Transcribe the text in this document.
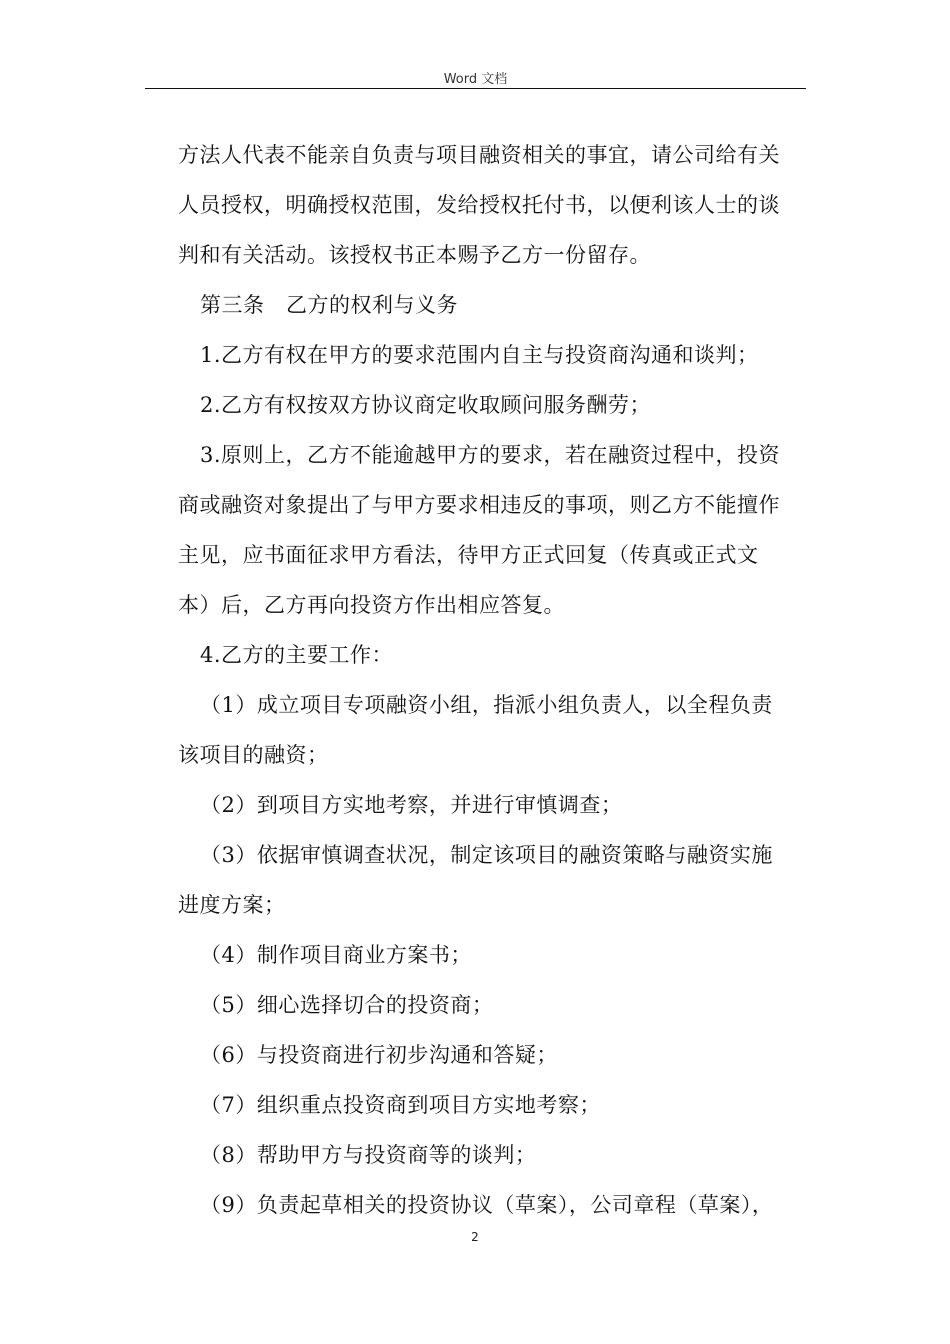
Word 文档
方法人代表不能亲自负责与项目融资相关的事宜，请公司给有关
人员授权，明确授权范围，发给授权托付书，以便利该人士的谈
判和有关活动。该授权书正本赐予乙方一份留存。
第三条　乙方的权利与义务
1.乙方有权在甲方的要求范围内自主与投资商沟通和谈判；
2.乙方有权按双方协议商定收取顾问服务酬劳；
3.原则上，乙方不能逾越甲方的要求，若在融资过程中，投资
商或融资对象提出了与甲方要求相违反的事项，则乙方不能擅作
主见，应书面征求甲方看法，待甲方正式回复（传真或正式文
本）后，乙方再向投资方作出相应答复。
4.乙方的主要工作：
（1）成立项目专项融资小组，指派小组负责人，以全程负责
该项目的融资；
（2）到项目方实地考察，并进行审慎调查；
（3）依据审慎调查状况，制定该项目的融资策略与融资实施
进度方案；
（4）制作项目商业方案书；
（5）细心选择切合的投资商；
（6）与投资商进行初步沟通和答疑；
（7）组织重点投资商到项目方实地考察；
（8）帮助甲方与投资商等的谈判；
（9）负责起草相关的投资协议（草案），公司章程（草案），
2
